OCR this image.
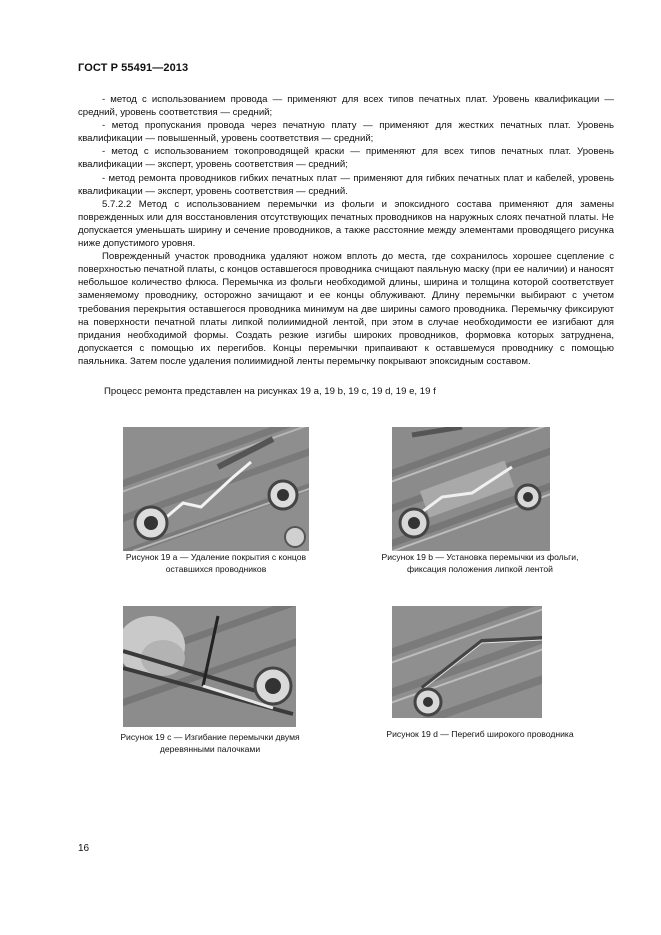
ГОСТ Р 55491—2013

- метод с использованием провода — применяют для всех типов печатных плат. Уровень квалификации — средний, уровень соответствия — средний;

- метод пропускания провода через печатную плату — применяют для жестких печатных плат. Уровень квалификации — повышенный, уровень соответствия — средний;

- метод с использованием токопроводящей краски — применяют для всех типов печатных плат. Уровень квалификации — эксперт, уровень соответствия — средний;

- метод ремонта проводников гибких печатных плат — применяют для гибких печатных плат и кабелей, уровень квалификации — эксперт, уровень соответствия — средний.

5.7.2.2 Метод с использованием перемычки из фольги и эпоксидного состава применяют для замены поврежденных или для восстановления отсутствующих печатных проводников на наружных слоях печатной платы. Не допускается уменьшать ширину и сечение проводников, а также расстояние между элементами проводящего рисунка ниже допустимого уровня.

Поврежденный участок проводника удаляют ножом вплоть до места, где сохранилось хорошее сцепление с поверхностью печатной платы, с концов оставшегося проводника счищают паяльную маску (при ее наличии) и наносят небольшое количество флюса. Перемычка из фольги необходимой длины, ширина и толщина которой соответствует заменяемому проводнику, осторожно зачищают и ее концы облуживают. Длину перемычки выбирают с учетом требования перекрытия оставшегося проводника минимум на две ширины самого проводника. Перемычку фиксируют на поверхности печатной платы липкой полиимидной лентой, при этом в случае необходимости ее изгибают для придания необходимой формы. Создать резкие изгибы широких проводников, формовка которых затруднена, допускается с помощью их перегибов. Концы перемычки припаивают к оставшемуся проводнику с помощью паяльника. Затем после удаления полиимидной ленты перемычку покрывают эпоксидным составом.

Процесс ремонта представлен на рисунках 19 а, 19 b, 19 с, 19 d, 19 е, 19 f
Рисунок 19 а — Удаление покрытия с концов
оставшихся проводников
Рисунок 19 b — Установка перемычки из фольги,
фиксация положения липкой лентой
Рисунок 19 с — Изгибание перемычки двумя
деревянными палочками
Рисунок 19 d — Перегиб широкого проводника
16
